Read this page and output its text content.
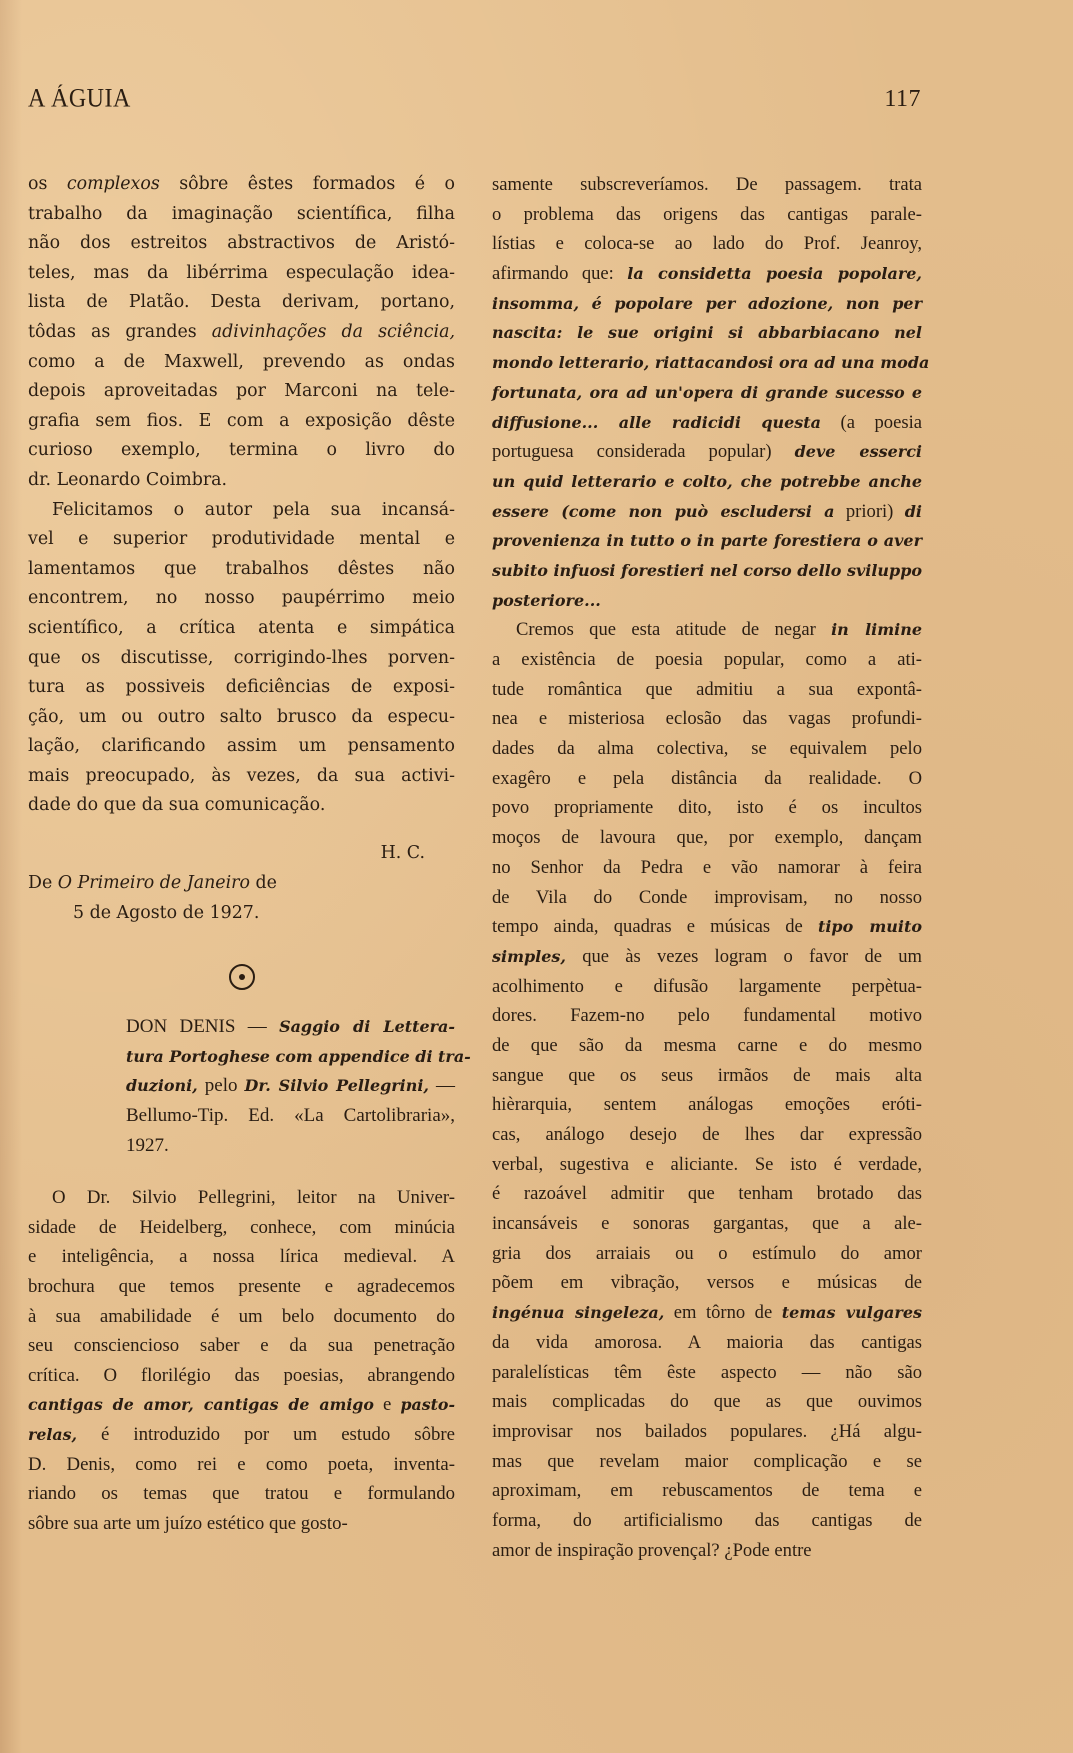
A ÁGUIA	117
os complexos sôbre êstes formados é o
trabalho da imaginação scientífica, filha
não dos estreitos abstractivos de Aristó-
teles, mas da libérrima especulação idea-
lista de Platão. Desta derivam, portano,
tôdas as grandes adivinhações da sciência,
como a de Maxwell, prevendo as ondas
depois aproveitadas por Marconi na tele-
grafia sem fios. E com a exposição dêste
curioso exemplo, termina o livro do
dr. Leonardo Coimbra.
Felicitamos o autor pela sua incansá-
vel e superior produtividade mental e
lamentamos que trabalhos dêstes não
encontrem, no nosso paupérrimo meio
scientífico, a crítica atenta e simpática
que os discutisse, corrigindo-lhes porven-
tura as possiveis deficiências de exposi-
ção, um ou outro salto brusco da especu-
lação, clarificando assim um pensamento
mais preocupado, às vezes, da sua activi-
dade do que da sua comunicação.
H. C.
De O Primeiro de Janeiro de
5 de Agosto de 1927.
DON DENIS — Saggio di Lettera-
tura Portoghese com appendice di tra-
duzioni, pelo Dr. Silvio Pellegrini, —
Bellumo-Tip. Ed. «La Cartolibraria»,
1927.
O Dr. Silvio Pellegrini, leitor na Univer-
sidade de Heidelberg, conhece, com minúcia
e inteligência, a nossa lírica medieval. A
brochura que temos presente e agradecemos
à sua amabilidade é um belo documento do
seu consciencioso saber e da sua penetração
crítica. O florilégio das poesias, abrangendo
cantigas de amor, cantigas de amigo e pasto-
relas, é introduzido por um estudo sôbre
D. Denis, como rei e como poeta, inventa-
riando os temas que tratou e formulando
sôbre sua arte um juízo estético que gosto-
samente subscreveríamos. De passagem. trata
o problema das origens das cantigas parale-
lístias e coloca-se ao lado do Prof. Jeanroy,
afirmando que: la considetta poesia popolare,
insomma, é popolare per adozione, non per
nascita: le sue origini si abbarbiacano nel
mondo letterario, riattacandosi ora ad una moda
fortunata, ora ad un'opera di grande sucesso e
diffusione... alle radicidi questa (a poesia
portuguesa considerada popular) deve esserci
un quid letterario e colto, che potrebbe anche
essere (come non può escludersi a priori) di
provenienza in tutto o in parte forestiera o aver
subito infuosi forestieri nel corso dello sviluppo
posteriore...
Cremos que esta atitude de negar in limine
a existência de poesia popular, como a ati-
tude romântica que admitiu a sua expontâ-
nea e misteriosa eclosão das vagas profundi-
dades da alma colectiva, se equivalem pelo
exagêro e pela distância da realidade. O
povo propriamente dito, isto é os incultos
moços de lavoura que, por exemplo, dançam
no Senhor da Pedra e vão namorar à feira
de Vila do Conde improvisam, no nosso
tempo ainda, quadras e músicas de tipo muito
simples, que às vezes logram o favor de um
acolhimento e difusão largamente perpètua-
dores. Fazem-no pelo fundamental motivo
de que são da mesma carne e do mesmo
sangue que os seus irmãos de mais alta
hièrarquia, sentem análogas emoções eróti-
cas, análogo desejo de lhes dar expressão
verbal, sugestiva e aliciante. Se isto é verdade,
é razoável admitir que tenham brotado das
incansáveis e sonoras gargantas, que a ale-
gria dos arraiais ou o estímulo do amor
põem em vibração, versos e músicas de
ingénua singeleza, em tôrno de temas vulgares
da vida amorosa. A maioria das cantigas
paralelísticas têm êste aspecto — não são
mais complicadas do que as que ouvimos
improvisar nos bailados populares. ¿Há algu-
mas que revelam maior complicação e se
aproximam, em rebuscamentos de tema e
forma, do artificialismo das cantigas de
amor de inspiração provençal? ¿Pode entre
